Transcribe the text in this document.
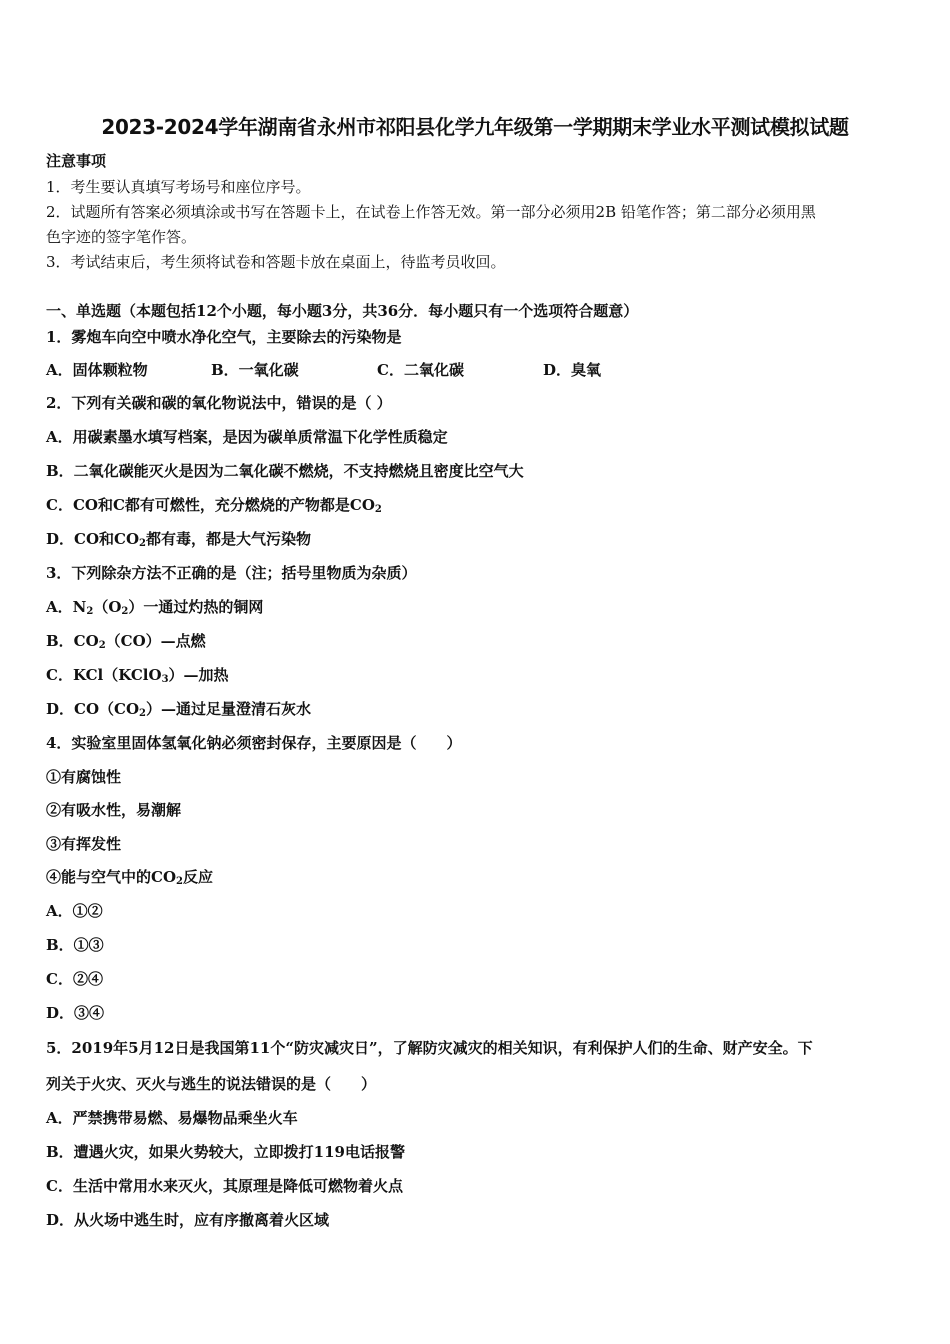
2023-2024学年湖南省永州市祁阳县化学九年级第一学期期末学业水平测试模拟试题
注意事项
1．考生要认真填写考场号和座位序号。
2．试题所有答案必须填涂或书写在答题卡上，在试卷上作答无效。第一部分必须用2B 铅笔作答；第二部分必须用黑
色字迹的签字笔作答。
3．考试结束后，考生须将试卷和答题卡放在桌面上，待监考员收回。
一、单选题（本题包括12个小题，每小题3分，共36分．每小题只有一个选项符合题意）
1．雾炮车向空中喷水净化空气，主要除去的污染物是
A．固体颗粒物	B．一氧化碳	C．二氧化碳	D．臭氧
2．下列有关碳和碳的氧化物说法中，错误的是（ ）
A．用碳素墨水填写档案，是因为碳单质常温下化学性质稳定
B．二氧化碳能灭火是因为二氧化碳不燃烧，不支持燃烧且密度比空气大
C．CO和C都有可燃性，充分燃烧的产物都是$CO_2$
D．CO和$CO_2$都有毒，都是大气污染物
3．下列除杂方法不正确的是（注；括号里物质为杂质）
A．$N_2(O_2)$一通过灼热的铜网
B．$CO_2(CO)—$点燃
C．KCl（KClO$_3$）—加热
D．$CO(CO_2)—$通过足量澄清石灰水
4．实验室里固体氢氧化钠必须密封保存，主要原因是（　　）
①有腐蚀性
②有吸水性，易潮解
③有挥发性
④能与空气中的$CO_2$反应
A．①②
B．①③
C．②④
D．③④
5．2019年5月12日是我国第11个“防灾减灾日”，了解防灾减灾的相关知识，有利保护人们的生命、财产安全。下
列关于火灾、灭火与逃生的说法错误的是（　　）
A．严禁携带易燃、易爆物品乘坐火车
B．遭遇火灾，如果火势较大，立即拨打119电话报警
C．生活中常用水来灭火，其原理是降低可燃物着火点
D．从火场中逃生时，应有序撤离着火区域
